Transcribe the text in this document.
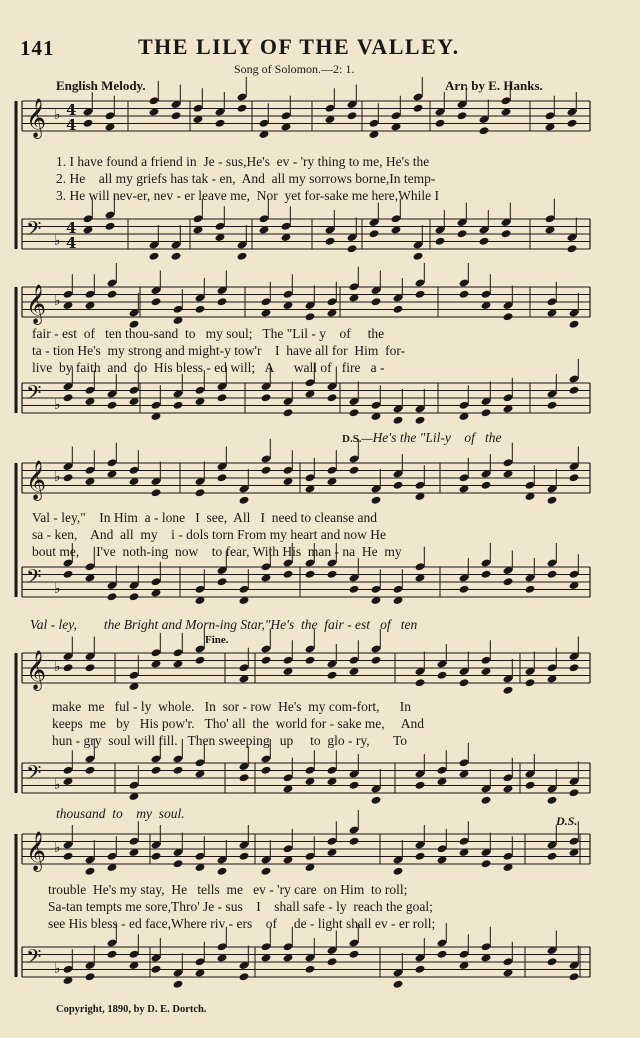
141	THE LILY OF THE VALLEY.
Song of Solomon.—2: 1.
English Melody.	Arr. by E. Hanks.
𝄞 ♭ 4
4
𝄢 ♭
4
4
𝄞 ♭
𝄢 ♭
𝄞 ♭
𝄢 ♭
𝄞 ♭
𝄢 ♭
𝄞 ♭
𝄢 ♭
1. I have found a friend in  Je - sus,He's  ev - 'ry thing to me, He's the
2. He    all my griefs has tak - en,  And  all my sorrows borne,In temp-
3. He will nev-er, nev - er leave me,  Nor  yet for-sake me here,While I
fair - est  of   ten thou-sand  to   my soul;   The "Lil - y    of     the
ta - tion He's  my strong and might-y tow'r    I  have all for  Him  for-
live  by faith  and  do  His bless - ed will;   A      wall of   fire   a -
D.S.—He's the "Lil-y    of   the
Val - ley,"    In Him  a - lone   I  see,  All   I  need to cleanse and
sa - ken,    And  all  my    i - dols torn From my heart and now He
bout me,     I've  noth-ing  now    to fear, With His  man - na  He  my
Val - ley,        the Bright and Morn-ing Star,"He's  the  fair - est   of   ten
Fine.
make  me   ful - ly  whole.   In  sor - row  He's  my com-fort,      In
keeps  me   by   His pow'r.   Tho' all  the  world for - sake me,     And
hun - gry  soul will fill.   Then sweeping   up     to  glo - ry,       To
thousand  to    my  soul.	D.S.
trouble  He's my stay,  He   tells  me   ev - 'ry care  on Him  to roll;
Sa-tan tempts me sore,Thro' Je - sus    I    shall safe - ly  reach the goal;
see His bless - ed face,Where riv - ers    of     de - light shall ev - er roll;
Copyright, 1890, by D. E. Dortch.
